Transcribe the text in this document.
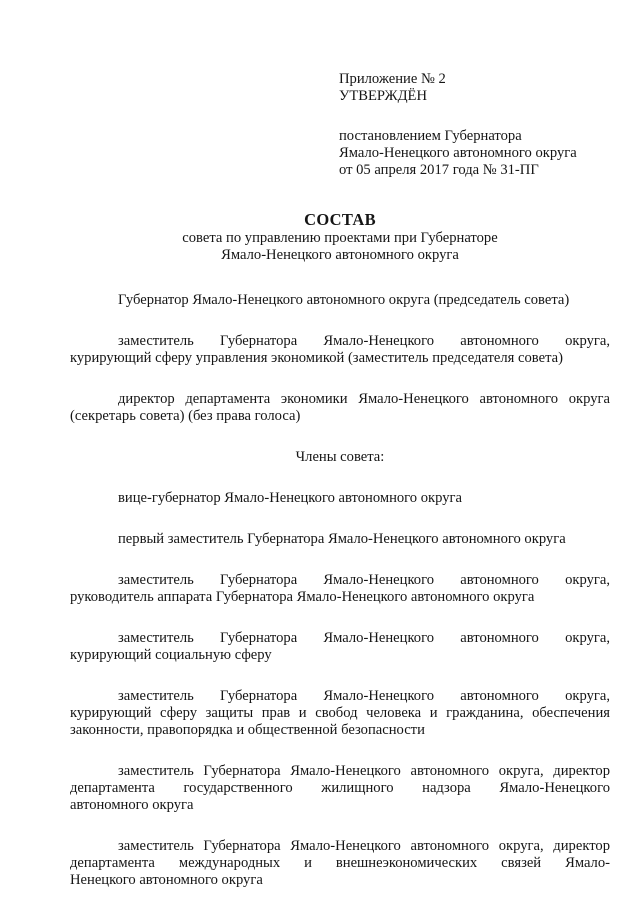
Приложение № 2
УТВЕРЖДЁН
постановлением Губернатора
Ямало-Ненецкого автономного округа
от 05 апреля 2017 года № 31-ПГ
СОСТАВ
совета по управлению проектами при Губернаторе
Ямало-Ненецкого автономного округа
Губернатор Ямало-Ненецкого автономного округа (председатель совета)
заместитель Губернатора Ямало-Ненецкого автономного округа,
курирующий сферу управления экономикой (заместитель председателя совета)
директор департамента экономики Ямало-Ненецкого автономного округа
(секретарь совета) (без права голоса)

Члены совета:

вице-губернатор Ямало-Ненецкого автономного округа
первый заместитель Губернатора Ямало-Ненецкого автономного округа
заместитель Губернатора Ямало-Ненецкого автономного округа,
руководитель аппарата Губернатора Ямало-Ненецкого автономного округа
заместитель Губернатора Ямало-Ненецкого автономного округа,
курирующий социальную сферу
заместитель Губернатора Ямало-Ненецкого автономного округа,
курирующий сферу защиты прав и свобод человека и гражданина, обеспечения
законности, правопорядка и общественной безопасности
заместитель Губернатора Ямало-Ненецкого автономного округа, директор
департамента государственного жилищного надзора Ямало-Ненецкого
автономного округа
заместитель Губернатора Ямало-Ненецкого автономного округа, директор
департамента международных и внешнеэкономических связей Ямало-
Ненецкого автономного округа
